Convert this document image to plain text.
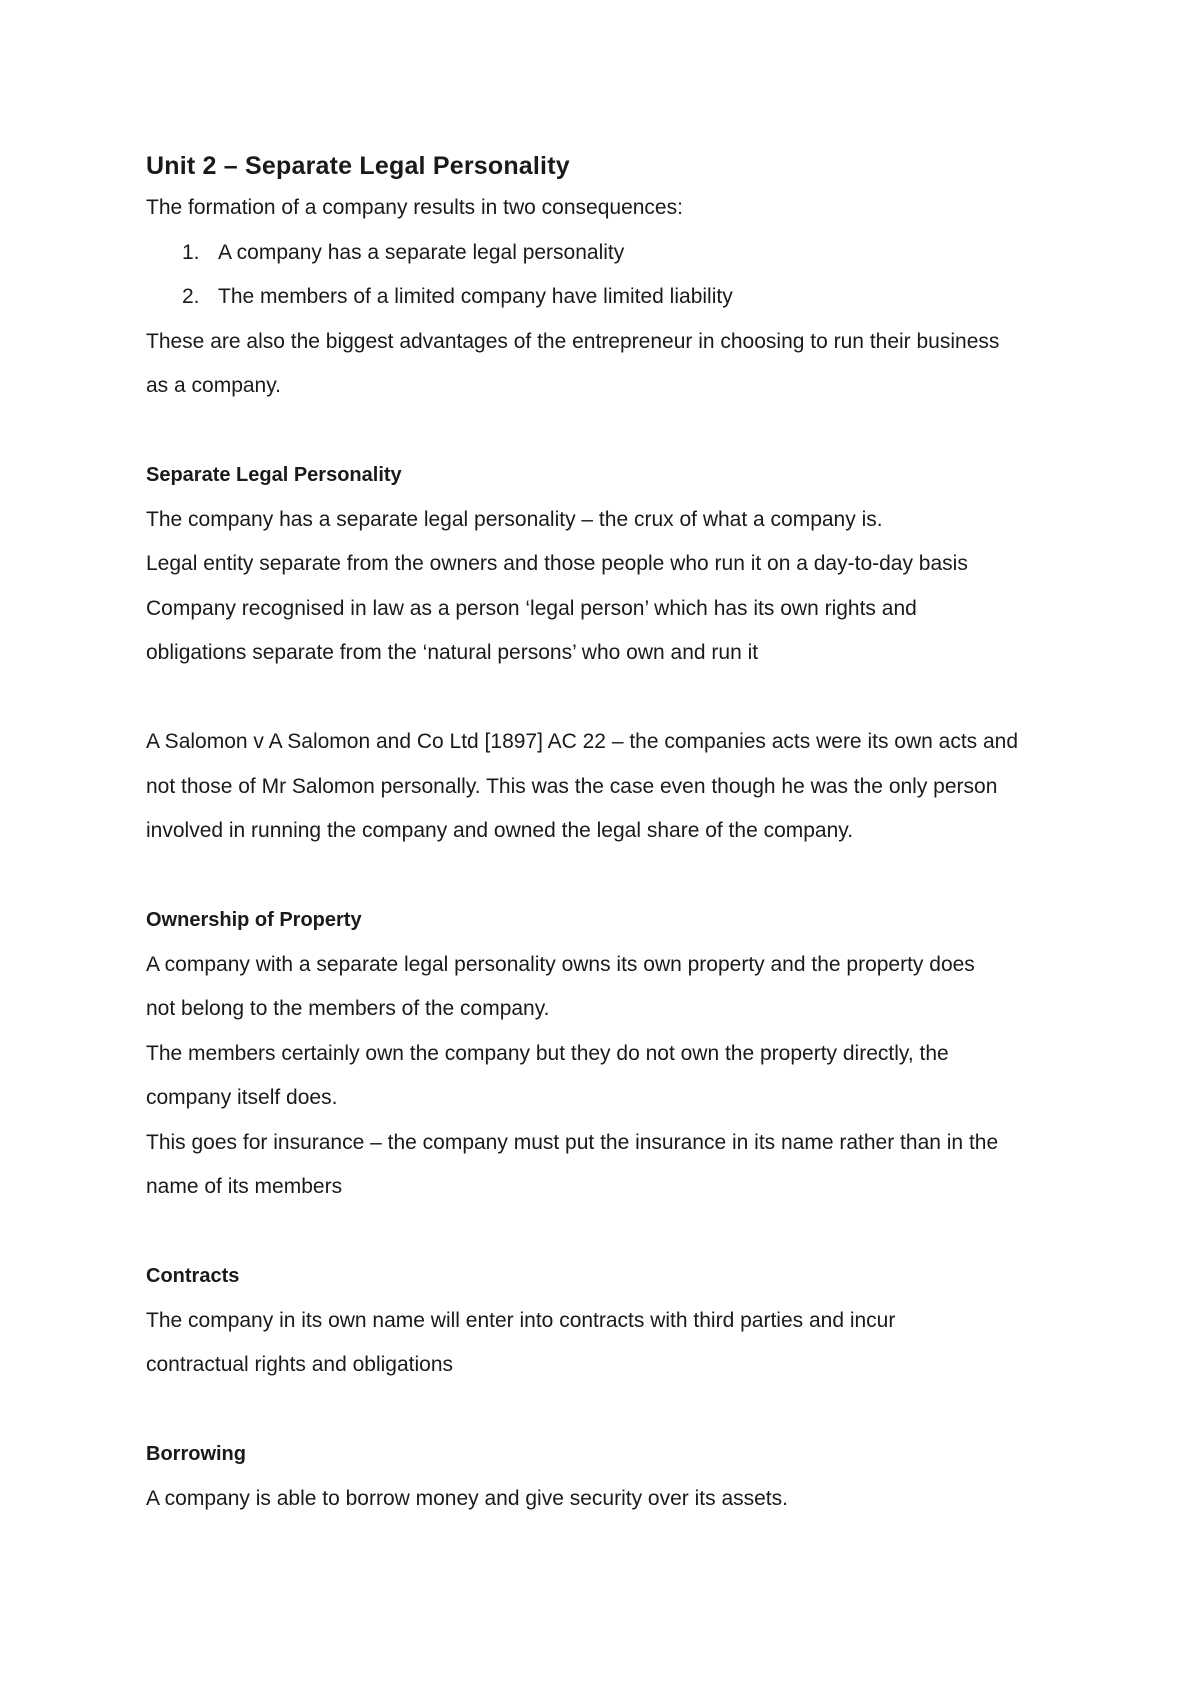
Unit 2 – Separate Legal Personality

The formation of a company results in two consequences:

1. A company has a separate legal personality
2. The members of a limited company have limited liability

These are also the biggest advantages of the entrepreneur in choosing to run their business

as a company.

Separate Legal Personality

The company has a separate legal personality – the crux of what a company is.

Legal entity separate from the owners and those people who run it on a day-to-day basis

Company recognised in law as a person ‘legal person’ which has its own rights and

obligations separate from the ‘natural persons’ who own and run it

A Salomon v A Salomon and Co Ltd [1897] AC 22 – the companies acts were its own acts and

not those of Mr Salomon personally. This was the case even though he was the only person

involved in running the company and owned the legal share of the company.

Ownership of Property

A company with a separate legal personality owns its own property and the property does

not belong to the members of the company.

The members certainly own the company but they do not own the property directly, the

company itself does.

This goes for insurance – the company must put the insurance in its name rather than in the

name of its members

Contracts

The company in its own name will enter into contracts with third parties and incur

contractual rights and obligations

Borrowing

A company is able to borrow money and give security over its assets.
